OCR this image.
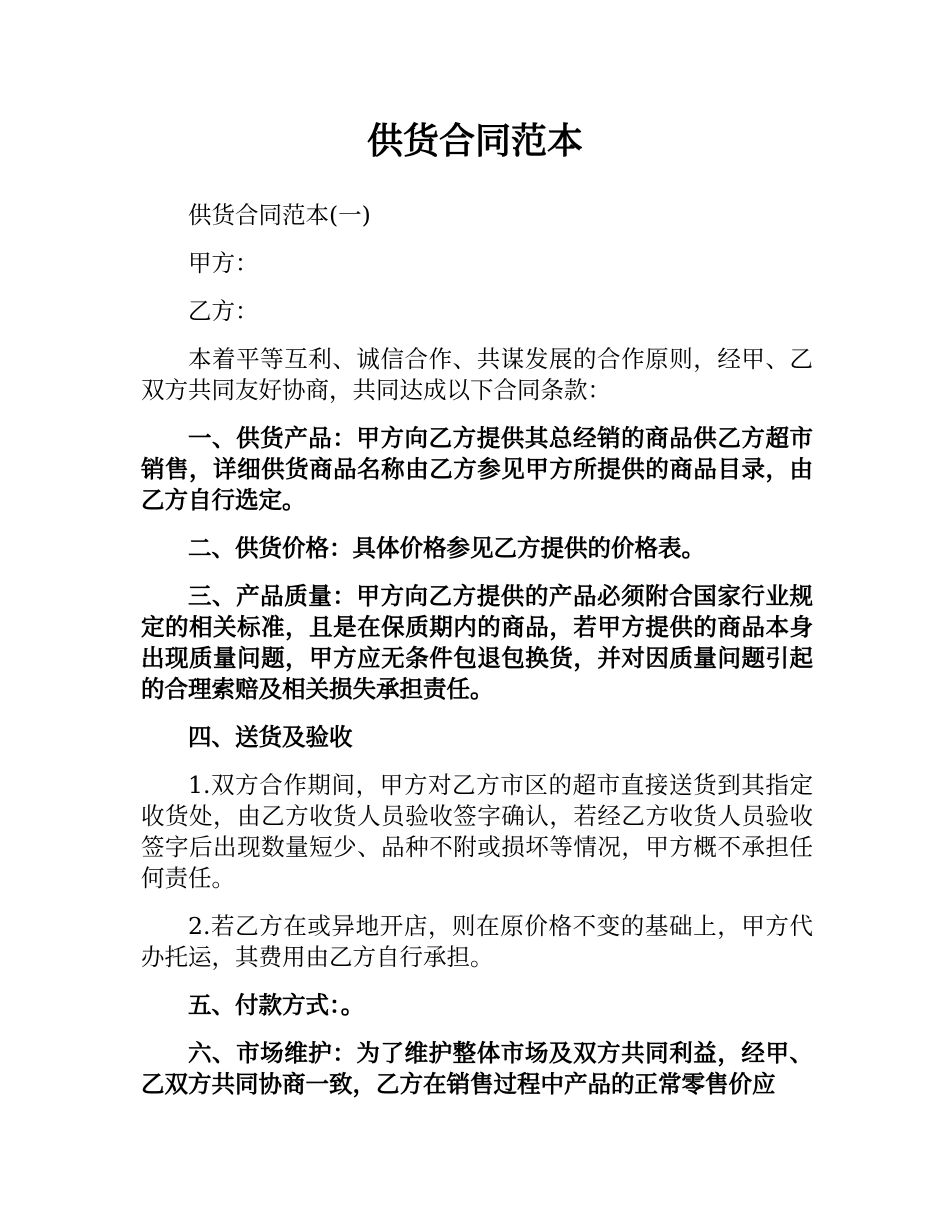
供货合同范本

供货合同范本(一)

甲方：

乙方：

本着平等互利、诚信合作、共谋发展的合作原则，经甲、乙双方共同友好协商，共同达成以下合同条款：

一、供货产品：甲方向乙方提供其总经销的商品供乙方超市销售，详细供货商品名称由乙方参见甲方所提供的商品目录，由乙方自行选定。

二、供货价格：具体价格参见乙方提供的价格表。

三、产品质量：甲方向乙方提供的产品必须附合国家行业规定的相关标准，且是在保质期内的商品，若甲方提供的商品本身出现质量问题，甲方应无条件包退包换货，并对因质量问题引起的合理索赔及相关损失承担责任。

四、送货及验收

1.双方合作期间，甲方对乙方市区的超市直接送货到其指定收货处，由乙方收货人员验收签字确认，若经乙方收货人员验收签字后出现数量短少、品种不附或损坏等情况，甲方概不承担任何责任。

2.若乙方在或异地开店，则在原价格不变的基础上，甲方代办托运，其费用由乙方自行承担。

五、付款方式：。

六、市场维护：为了维护整体市场及双方共同利益，经甲、乙双方共同协商一致，乙方在销售过程中产品的正常零售价应
